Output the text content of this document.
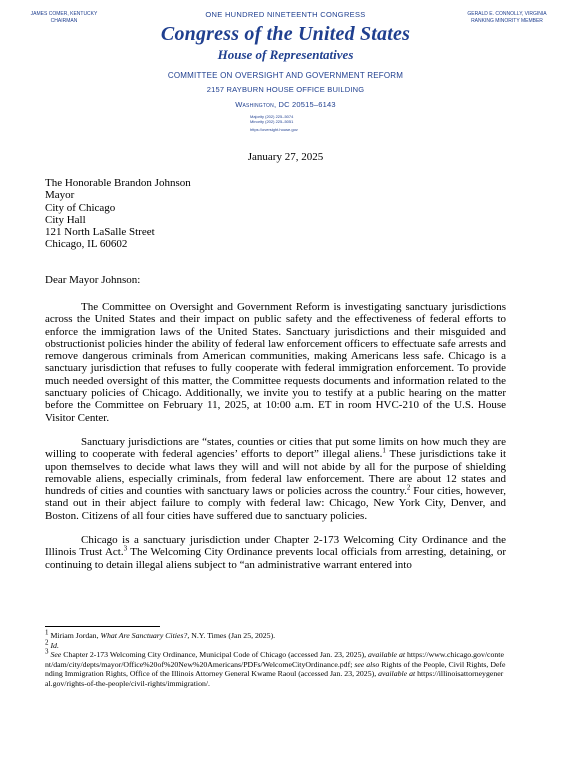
JAMES COMER, KENTUCKY
CHAIRMAN
GERALD E. CONNOLLY, VIRGINIA
RANKING MINORITY MEMBER
ONE HUNDRED NINETEENTH CONGRESS
Congress of the United States
House of Representatives
COMMITTEE ON OVERSIGHT AND GOVERNMENT REFORM
2157 RAYBURN HOUSE OFFICE BUILDING
Washington, DC 20515–6143
Majority (202) 225–5074
Minority (202) 225–5051
https://oversight.house.gov
January 27, 2025
The Honorable Brandon Johnson
Mayor
City of Chicago
City Hall
121 North LaSalle Street
Chicago, IL 60602
Dear Mayor Johnson:

The Committee on Oversight and Government Reform is investigating sanctuary jurisdictions across the United States and their impact on public safety and the effectiveness of federal efforts to enforce the immigration laws of the United States. Sanctuary jurisdictions and their misguided and obstructionist policies hinder the ability of federal law enforcement officers to effectuate safe arrests and remove dangerous criminals from American communities, making Americans less safe. Chicago is a sanctuary jurisdiction that refuses to fully cooperate with federal immigration enforcement. To provide much needed oversight of this matter, the Committee requests documents and information related to the sanctuary policies of Chicago. Additionally, we invite you to testify at a public hearing on the matter before the Committee on February 11, 2025, at 10:00 a.m. ET in room HVC-210 of the U.S. House Visitor Center.

Sanctuary jurisdictions are “states, counties or cities that put some limits on how much they are willing to cooperate with federal agencies’ efforts to deport” illegal aliens.$^1$ These jurisdictions take it upon themselves to decide what laws they will and will not abide by all for the purpose of shielding removable aliens, especially criminals, from federal law enforcement. There are about 12 states and hundreds of cities and counties with sanctuary laws or policies across the country.$^2$ Four cities, however, stand out in their abject failure to comply with federal law: Chicago, New York City, Denver, and Boston. Citizens of all four cities have suffered due to sanctuary policies.

Chicago is a sanctuary jurisdiction under Chapter 2-173 Welcoming City Ordinance and the Illinois Trust Act.$^3$ The Welcoming City Ordinance prevents local officials from arresting, detaining, or continuing to detain illegal aliens subject to “an administrative warrant entered into

$^1$ Miriam Jordan, What Are Sanctuary Cities?, N.Y. Times (Jan 25, 2025).
$^2$ Id.
$^3$ See Chapter 2-173 Welcoming City Ordinance, Municipal Code of Chicago (accessed Jan. 23, 2025), available at https://www.chicago.gov/content/dam/city/depts/mayor/Office%20of%20New%20Americans/PDFs/WelcomeCityOrdinance.pdf; see also Rights of the People, Civil Rights, Defending Immigration Rights, Office of the Illinois Attorney General Kwame Raoul (accessed Jan. 23, 2025), available at https://illinoisattorneygeneral.gov/rights-of-the-people/civil-rights/immigration/.
